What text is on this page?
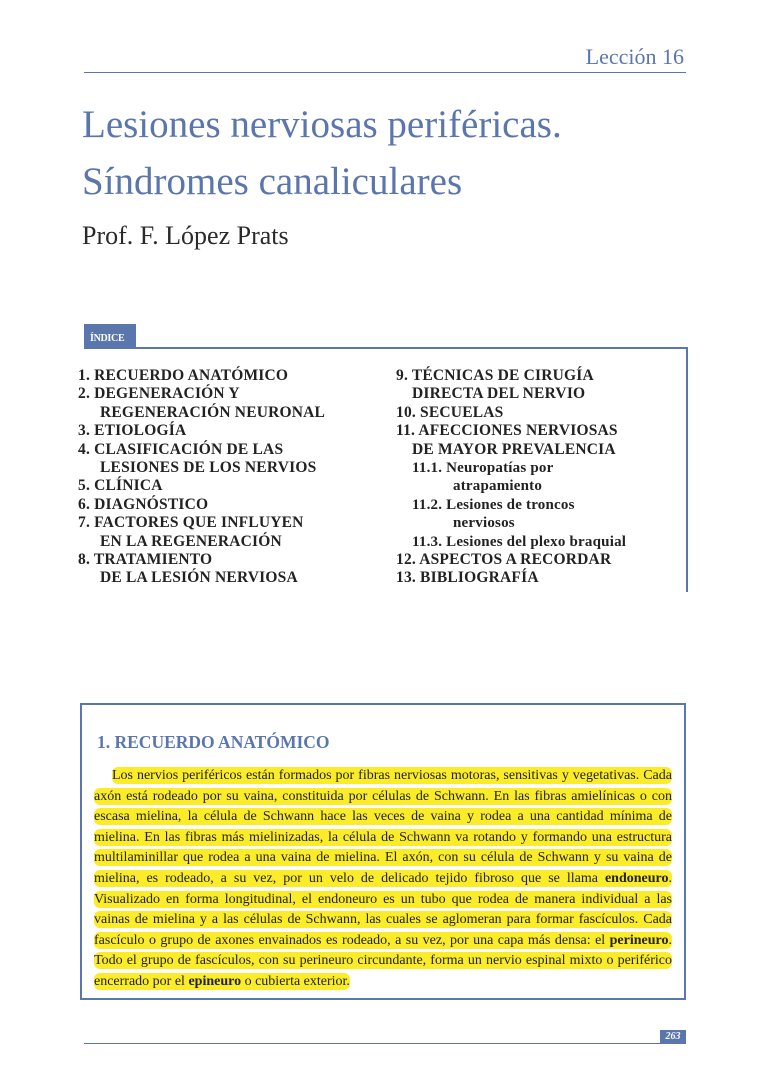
Lección 16
Lesiones nerviosas periféricas.
Síndromes canaliculares
Prof. F. López Prats
ÍNDICE
1. RECUERDO ANATÓMICO
2. DEGENERACIÓN Y
REGENERACIÓN NEURONAL
3. ETIOLOGÍA
4. CLASIFICACIÓN DE LAS
LESIONES DE LOS NERVIOS
5. CLÍNICA
6. DIAGNÓSTICO
7. FACTORES QUE INFLUYEN
EN LA REGENERACIÓN
8. TRATAMIENTO
DE LA LESIÓN NERVIOSA
9. TÉCNICAS DE CIRUGÍA
DIRECTA DEL NERVIO
10. SECUELAS
11. AFECCIONES NERVIOSAS
DE MAYOR PREVALENCIA
11.1. Neuropatías por
atrapamiento
11.2. Lesiones de troncos
nerviosos
11.3. Lesiones del plexo braquial
12. ASPECTOS A RECORDAR
13. BIBLIOGRAFÍA
1. RECUERDO ANATÓMICO

Los nervios periféricos están formados por fibras nerviosas motoras, sensitivas y vegetativas. Cada axón está rodeado por su vaina, constituida por células de Schwann. En las fibras amielínicas o con escasa mielina, la célula de Schwann hace las veces de vaina y rodea a una cantidad mínima de mielina. En las fibras más mielinizadas, la célula de Schwann va rotando y formando una estructura multilaminillar que rodea a una vaina de mielina. El axón, con su célula de Schwann y su vaina de mielina, es rodeado, a su vez, por un velo de delicado tejido fibroso que se llama endoneuro. Visualizado en forma longitudinal, el endoneuro es un tubo que rodea de manera individual a las vainas de mielina y a las células de Schwann, las cuales se aglomeran para formar fascículos. Cada fascículo o grupo de axones envainados es rodeado, a su vez, por una capa más densa: el perineuro. Todo el grupo de fascículos, con su perineuro circundante, forma un nervio espinal mixto o periférico encerrado por el epineuro o cubierta exterior.

263
